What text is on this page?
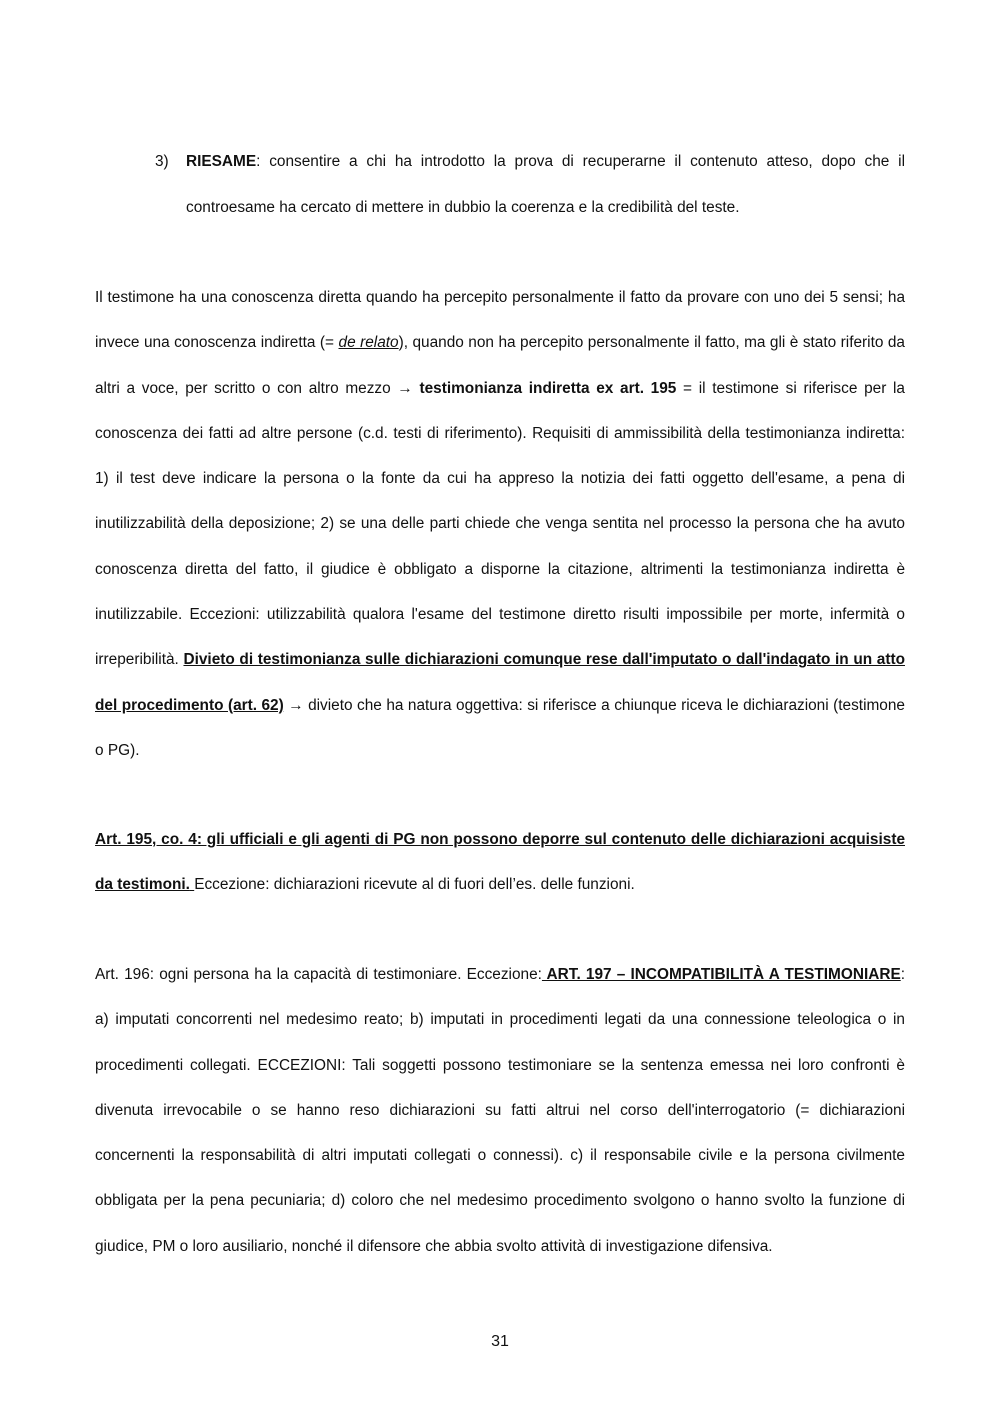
3)	RIESAME: consentire a chi ha introdotto la prova di recuperarne il contenuto atteso, dopo che il controesame ha cercato di mettere in dubbio la coerenza e la credibilità del teste.
Il testimone ha una conoscenza diretta quando ha percepito personalmente il fatto da provare con uno dei 5 sensi; ha invece una conoscenza indiretta (= de relato), quando non ha percepito personalmente il fatto, ma gli è stato riferito da altri a voce, per scritto o con altro mezzo → testimonianza indiretta ex art. 195 = il testimone si riferisce per la conoscenza dei fatti ad altre persone (c.d. testi di riferimento). Requisiti di ammissibilità della testimonianza indiretta: 1) il test deve indicare la persona o la fonte da cui ha appreso la notizia dei fatti oggetto dell'esame, a pena di inutilizzabilità della deposizione; 2) se una delle parti chiede che venga sentita nel processo la persona che ha avuto conoscenza diretta del fatto, il giudice è obbligato a disporne la citazione, altrimenti la testimonianza indiretta è inutilizzabile. Eccezioni: utilizzabilità qualora l'esame del testimone diretto risulti impossibile per morte, infermità o irreperibilità. Divieto di testimonianza sulle dichiarazioni comunque rese dall'imputato o dall'indagato in un atto del procedimento (art. 62) → divieto che ha natura oggettiva: si riferisce a chiunque riceva le dichiarazioni (testimone o PG).
Art. 195, co. 4: gli ufficiali e gli agenti di PG non possono deporre sul contenuto delle dichiarazioni acquisiste da testimoni. Eccezione: dichiarazioni ricevute al di fuori dell’es. delle funzioni.
Art. 196: ogni persona ha la capacità di testimoniare. Eccezione: ART. 197 – INCOMPATIBILITÀ A TESTIMONIARE: a) imputati concorrenti nel medesimo reato; b) imputati in procedimenti legati da una connessione teleologica o in procedimenti collegati. ECCEZIONI: Tali soggetti possono testimoniare se la sentenza emessa nei loro confronti è divenuta irrevocabile o se hanno reso dichiarazioni su fatti altrui nel corso dell'interrogatorio (= dichiarazioni concernenti la responsabilità di altri imputati collegati o connessi). c) il responsabile civile e la persona civilmente obbligata per la pena pecuniaria; d) coloro che nel medesimo procedimento svolgono o hanno svolto la funzione di giudice, PM o loro ausiliario, nonché il difensore che abbia svolto attività di investigazione difensiva.
31
